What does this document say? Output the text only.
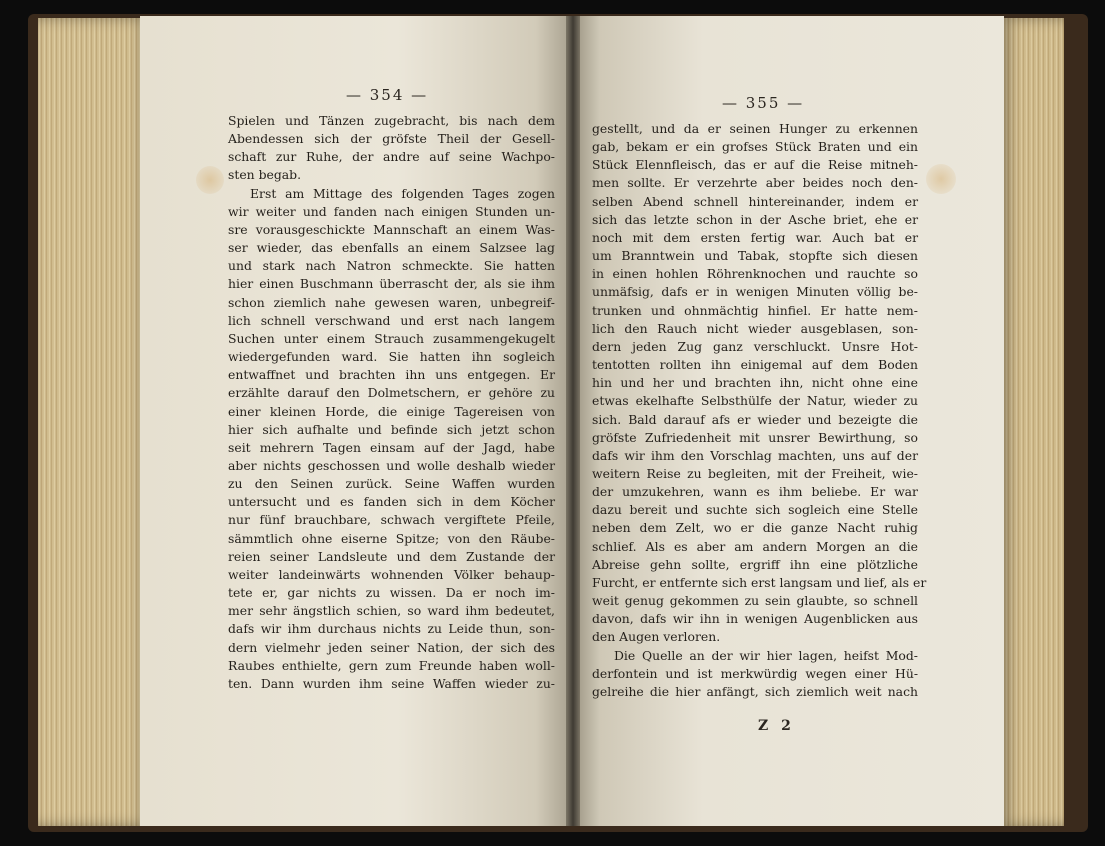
— 354 —	— 355 —
Spielen und Tänzen zugebracht, bis nach dem
Abendessen sich der gröfste Theil der Gesell-
schaft zur Ruhe, der andre auf seine Wachpo-
sten begab.
Erst am Mittage des folgenden Tages zogen
wir weiter und fanden nach einigen Stunden un-
sre vorausgeschickte Mannschaft an einem Was-
ser wieder, das ebenfalls an einem Salzsee lag
und stark nach Natron schmeckte. Sie hatten
hier einen Buschmann überrascht der, als sie ihm
schon ziemlich nahe gewesen waren, unbegreif-
lich schnell verschwand und erst nach langem
Suchen unter einem Strauch zusammengekugelt
wiedergefunden ward. Sie hatten ihn sogleich
entwaffnet und brachten ihn uns entgegen. Er
erzählte darauf den Dolmetschern, er gehöre zu
einer kleinen Horde, die einige Tagereisen von
hier sich aufhalte und befinde sich jetzt schon
seit mehrern Tagen einsam auf der Jagd, habe
aber nichts geschossen und wolle deshalb wieder
zu den Seinen zurück. Seine Waffen wurden
untersucht und es fanden sich in dem Köcher
nur fünf brauchbare, schwach vergiftete Pfeile,
sämmtlich ohne eiserne Spitze; von den Räube-
reien seiner Landsleute und dem Zustande der
weiter landeinwärts wohnenden Völker behaup-
tete er, gar nichts zu wissen. Da er noch im-
mer sehr ängstlich schien, so ward ihm bedeutet,
dafs wir ihm durchaus nichts zu Leide thun, son-
dern vielmehr jeden seiner Nation, der sich des
Raubes enthielte, gern zum Freunde haben woll-
ten. Dann wurden ihm seine Waffen wieder zu-
gestellt, und da er seinen Hunger zu erkennen
gab, bekam er ein grofses Stück Braten und ein
Stück Elennfleisch, das er auf die Reise mitneh-
men sollte. Er verzehrte aber beides noch den-
selben Abend schnell hintereinander, indem er
sich das letzte schon in der Asche briet, ehe er
noch mit dem ersten fertig war. Auch bat er
um Branntwein und Tabak, stopfte sich diesen
in einen hohlen Röhrenknochen und rauchte so
unmäfsig, dafs er in wenigen Minuten völlig be-
trunken und ohnmächtig hinfiel. Er hatte nem-
lich den Rauch nicht wieder ausgeblasen, son-
dern jeden Zug ganz verschluckt. Unsre Hot-
tentotten rollten ihn einigemal auf dem Boden
hin und her und brachten ihn, nicht ohne eine
etwas ekelhafte Selbsthülfe der Natur, wieder zu
sich. Bald darauf afs er wieder und bezeigte die
gröfste Zufriedenheit mit unsrer Bewirthung, so
dafs wir ihm den Vorschlag machten, uns auf der
weitern Reise zu begleiten, mit der Freiheit, wie-
der umzukehren, wann es ihm beliebe. Er war
dazu bereit und suchte sich sogleich eine Stelle
neben dem Zelt, wo er die ganze Nacht ruhig
schlief. Als es aber am andern Morgen an die
Abreise gehn sollte, ergriff ihn eine plötzliche
Furcht, er entfernte sich erst langsam und lief, als er
weit genug gekommen zu sein glaubte, so schnell
davon, dafs wir ihn in wenigen Augenblicken aus
den Augen verloren.
Die Quelle an der wir hier lagen, heifst Mod-
derfontein und ist merkwürdig wegen einer Hü-
gelreihe die hier anfängt, sich ziemlich weit nach
Z 2
